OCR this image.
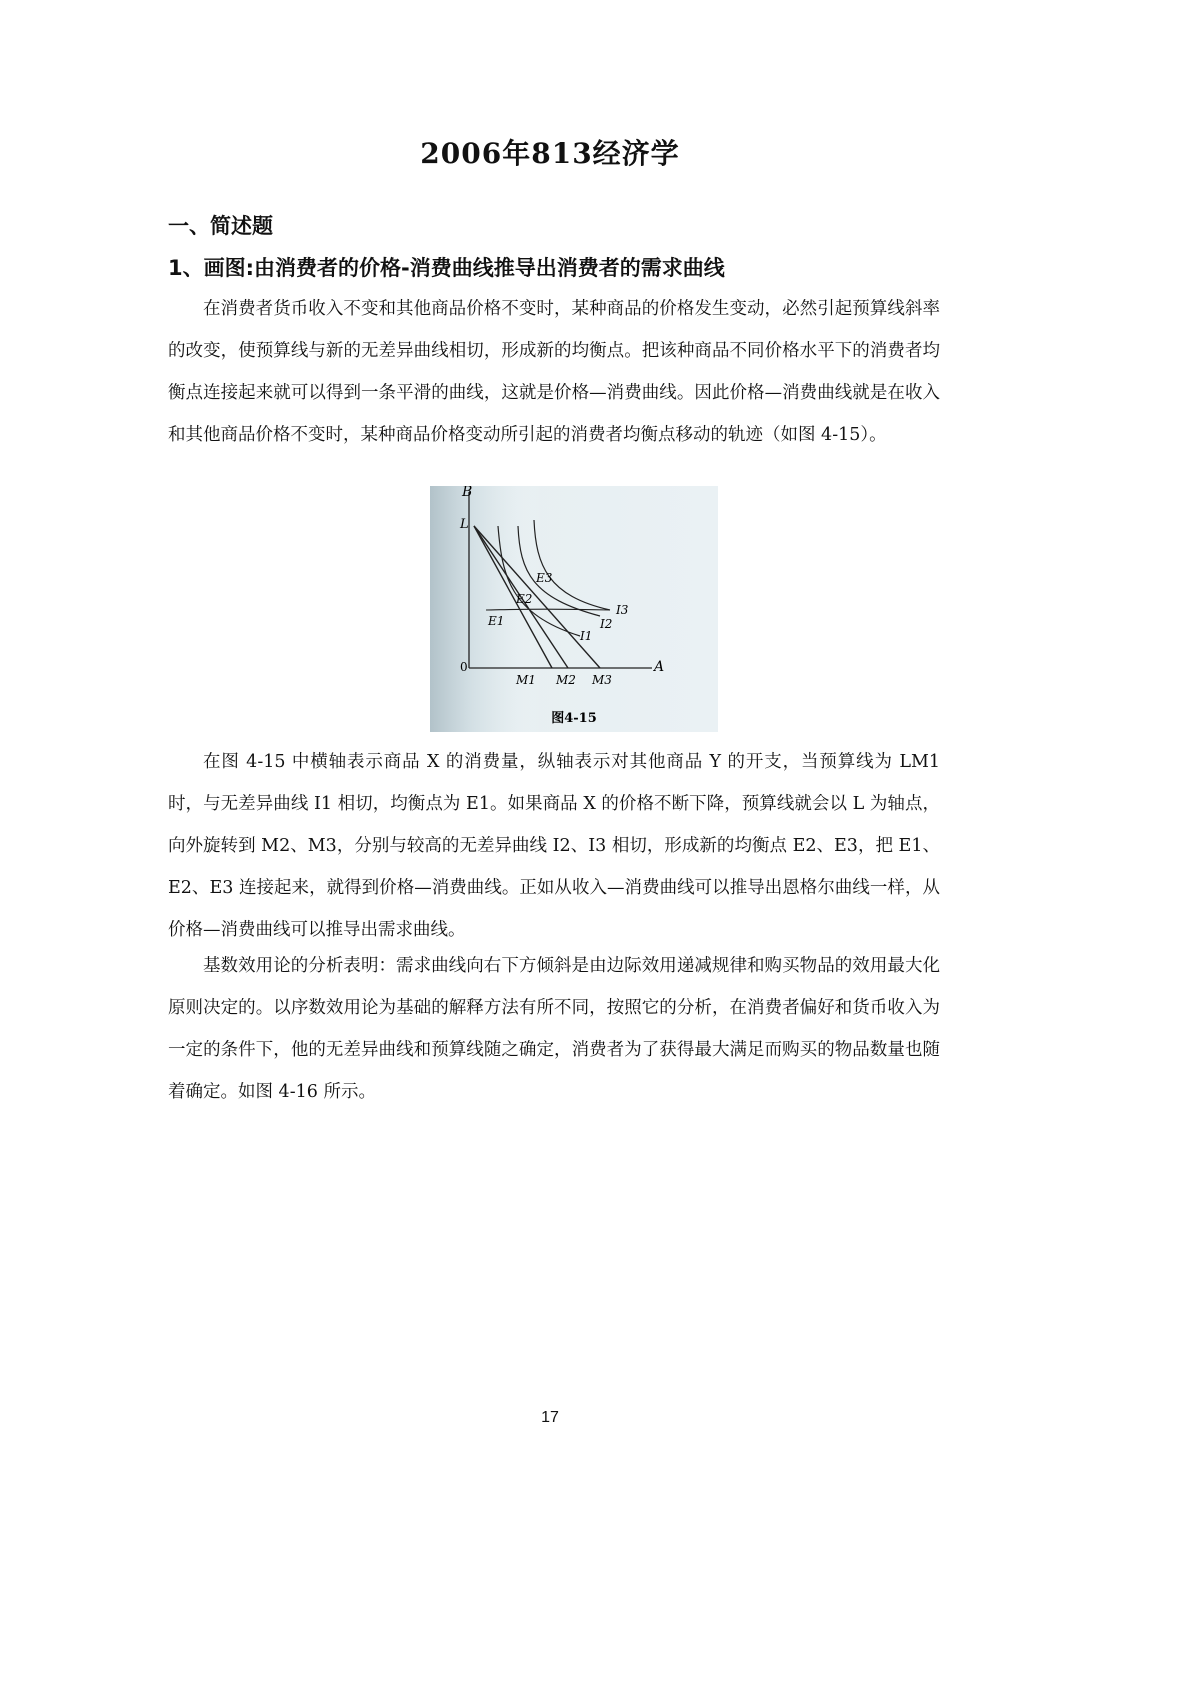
2006年813经济学
一、简述题
1、画图:由消费者的价格-消费曲线推导出消费者的需求曲线

在消费者货币收入不变和其他商品价格不变时，某种商品的价格发生变动，必然引起预算线斜率的改变，使预算线与新的无差异曲线相切，形成新的均衡点。把该种商品不同价格水平下的消费者均衡点连接起来就可以得到一条平滑的曲线，这就是价格—消费曲线。因此价格—消费曲线就是在收入和其他商品价格不变时，某种商品价格变动所引起的消费者均衡点移动的轨迹（如图 4-15）。

B
L
0	A
M1 M2 M3
I1
I2
I3
E1
E2
E3
图4-15

在图 4-15 中横轴表示商品 X 的消费量，纵轴表示对其他商品 Y 的开支，当预算线为 LM1 时，与无差异曲线 I1 相切，均衡点为 E1。如果商品 X 的价格不断下降，预算线就会以 L 为轴点，向外旋转到 M2、M3，分别与较高的无差异曲线 I2、I3 相切，形成新的均衡点 E2、E3，把 E1、E2、E3 连接起来，就得到价格—消费曲线。正如从收入—消费曲线可以推导出恩格尔曲线一样，从价格—消费曲线可以推导出需求曲线。

基数效用论的分析表明：需求曲线向右下方倾斜是由边际效用递减规律和购买物品的效用最大化原则决定的。以序数效用论为基础的解释方法有所不同，按照它的分析，在消费者偏好和货币收入为一定的条件下，他的无差异曲线和预算线随之确定，消费者为了获得最大满足而购买的物品数量也随着确定。如图 4-16 所示。

17
